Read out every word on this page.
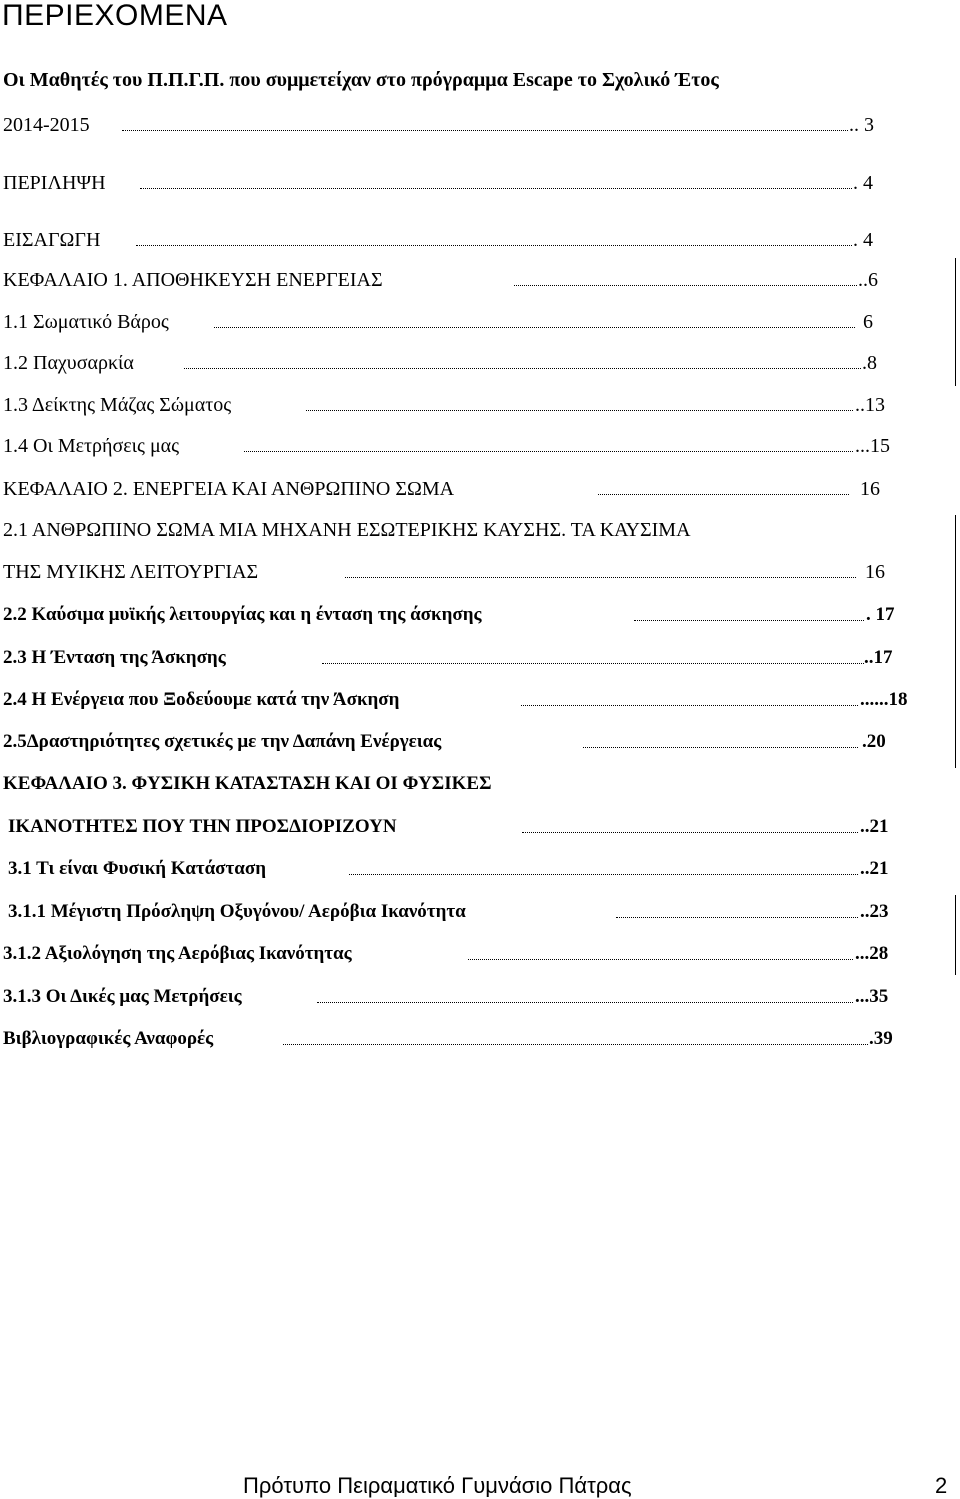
ΠΕΡΙΕΧΟΜΕΝΑ
Οι Μαθητές του Π.Π.Γ.Π. που συμμετείχαν στο πρόγραμμα Escape το Σχολικό Έτος
2014-2015	.. 3
ΠΕΡΙΛΗΨΗ	. 4
ΕΙΣΑΓΩΓΗ	. 4
ΚΕΦΑΛΑΙΟ 1. ΑΠΟΘΗΚΕΥΣΗ ΕΝΕΡΓΕΙΑΣ	..6
1.1 Σωματικό Βάρος	6
1.2 Παχυσαρκία	.8
1.3 Δείκτης Μάζας Σώματος	..13
1.4 Οι Μετρήσεις μας	...15
ΚΕΦΑΛΑΙΟ 2. ΕΝΕΡΓΕΙΑ ΚΑΙ ΑΝΘΡΩΠΙΝΟ ΣΩΜΑ	16
2.1 ΑΝΘΡΩΠΙΝΟ ΣΩΜΑ ΜΙΑ ΜΗΧΑΝΗ ΕΣΩΤΕΡΙΚΗΣ ΚΑΥΣΗΣ. ΤΑ ΚΑΥΣΙΜΑ
ΤΗΣ ΜΥΙΚΗΣ ΛΕΙΤΟΥΡΓΙΑΣ	16
2.2 Καύσιμα μυϊκής λειτουργίας και η ένταση της άσκησης	. 17
2.3 Η Ένταση της Άσκησης	..17
2.4 Η Ενέργεια που Ξοδεύουμε κατά την Άσκηση	......18
2.5Δραστηριότητες σχετικές με την Δαπάνη Ενέργειας	.20
ΚΕΦΑΛΑΙΟ 3. ΦΥΣΙΚΗ ΚΑΤΑΣΤΑΣΗ ΚΑΙ ΟΙ ΦΥΣΙΚΕΣ
ΙΚΑΝΟΤΗΤΕΣ ΠΟΥ ΤΗΝ ΠΡΟΣΔΙΟΡΙΖΟΥΝ	..21
3.1 Τι είναι Φυσική Κατάσταση	..21
3.1.1 Μέγιστη Πρόσληψη Οξυγόνου/ Αερόβια Ικανότητα	..23
3.1.2 Αξιολόγηση της Αερόβιας Ικανότητας	...28
3.1.3 Οι Δικές μας Μετρήσεις	...35
Βιβλιογραφικές Αναφορές	.39
Πρότυπο Πειραματικό Γυμνάσιο Πάτρας	2
